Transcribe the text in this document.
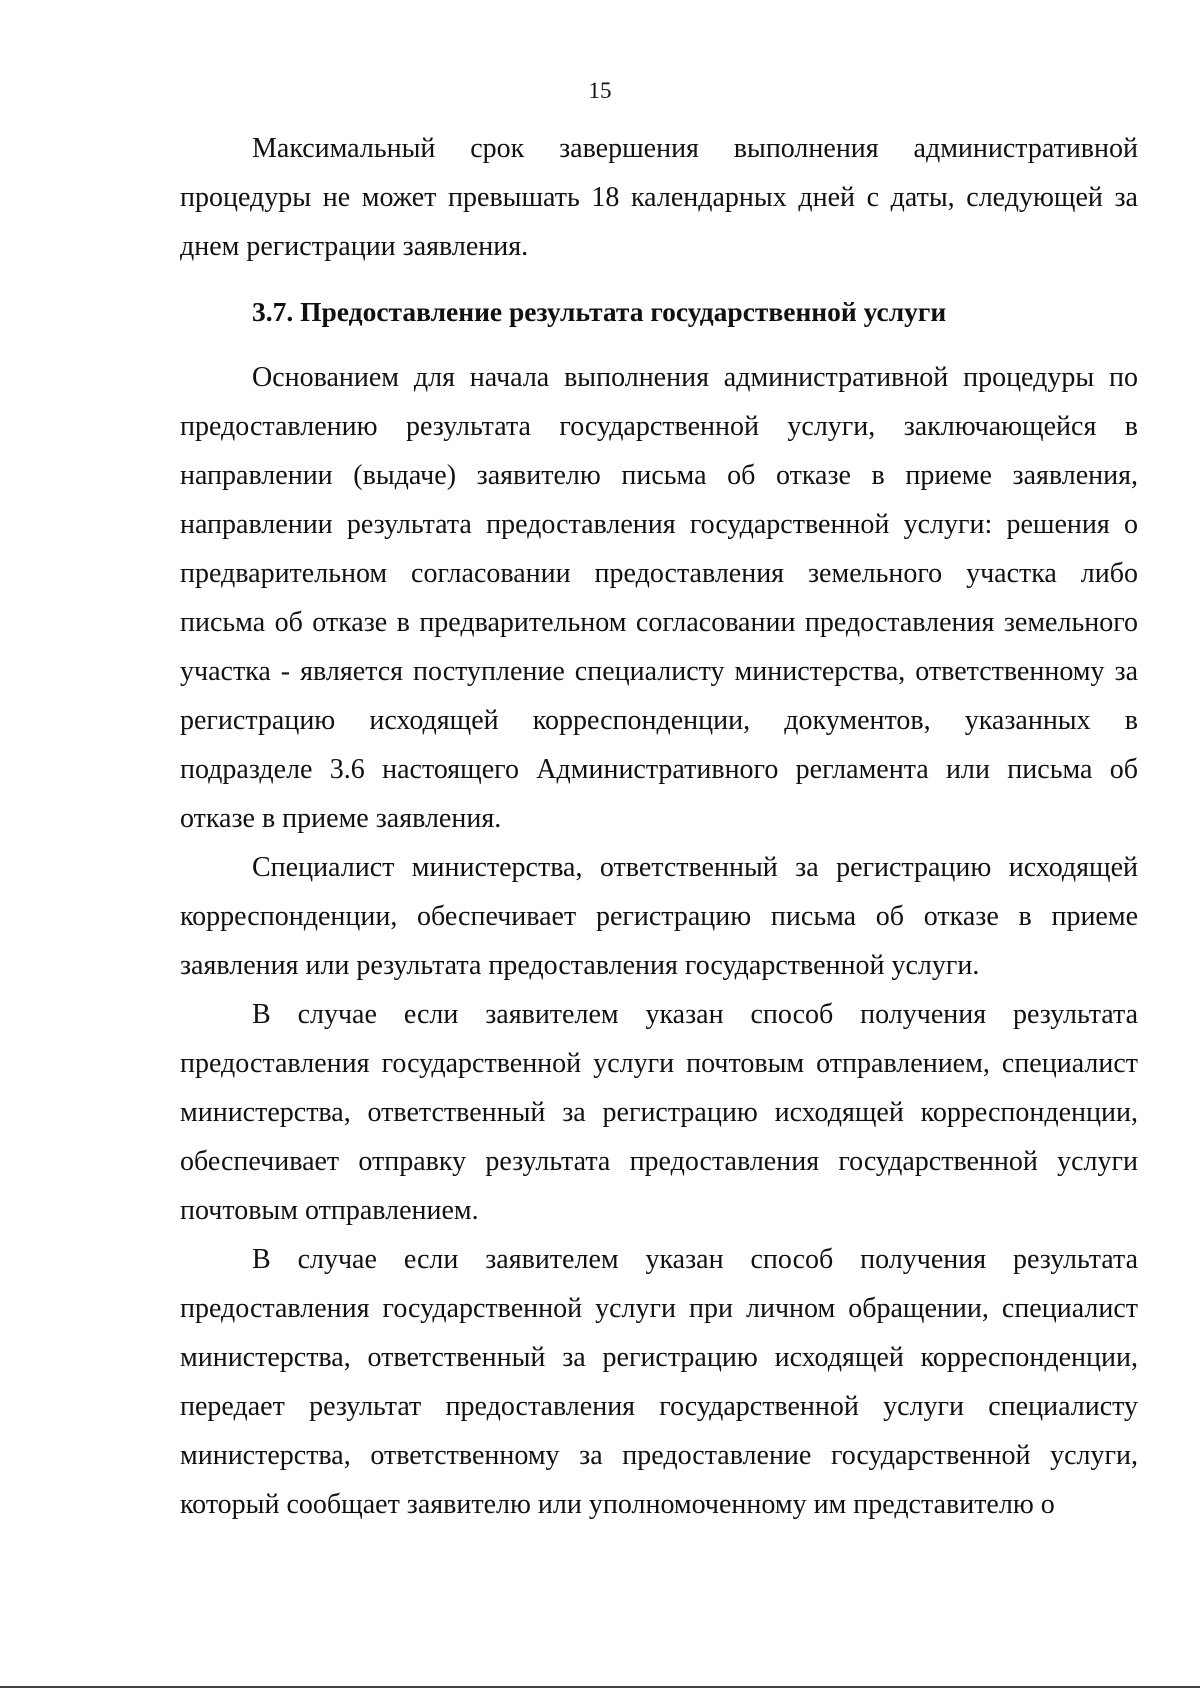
15

Максимальный срок завершения выполнения административной процедуры не может превышать 18 календарных дней с даты, следующей за днем регистрации заявления.

3.7. Предоставление результата государственной услуги

Основанием для начала выполнения административной процедуры по предоставлению результата государственной услуги, заключающейся в направлении (выдаче) заявителю письма об отказе в приеме заявления, направлении результата предоставления государственной услуги: решения о предварительном согласовании предоставления земельного участка либо письма об отказе в предварительном согласовании предоставления земельного участка - является поступление специалисту министерства, ответственному за регистрацию исходящей корреспонденции, документов, указанных в подразделе 3.6 настоящего Административного регламента или письма об отказе в приеме заявления.

Специалист министерства, ответственный за регистрацию исходящей корреспонденции, обеспечивает регистрацию письма об отказе в приеме заявления или результата предоставления государственной услуги.

В случае если заявителем указан способ получения результата предоставления государственной услуги почтовым отправлением, специалист министерства, ответственный за регистрацию исходящей корреспонденции, обеспечивает отправку результата предоставления государственной услуги почтовым отправлением.

В случае если заявителем указан способ получения результата предоставления государственной услуги при личном обращении, специалист министерства, ответственный за регистрацию исходящей корреспонденции, передает результат предоставления государственной услуги специалисту министерства, ответственному за предоставление государственной услуги, который сообщает заявителю или уполномоченному им представителю о
